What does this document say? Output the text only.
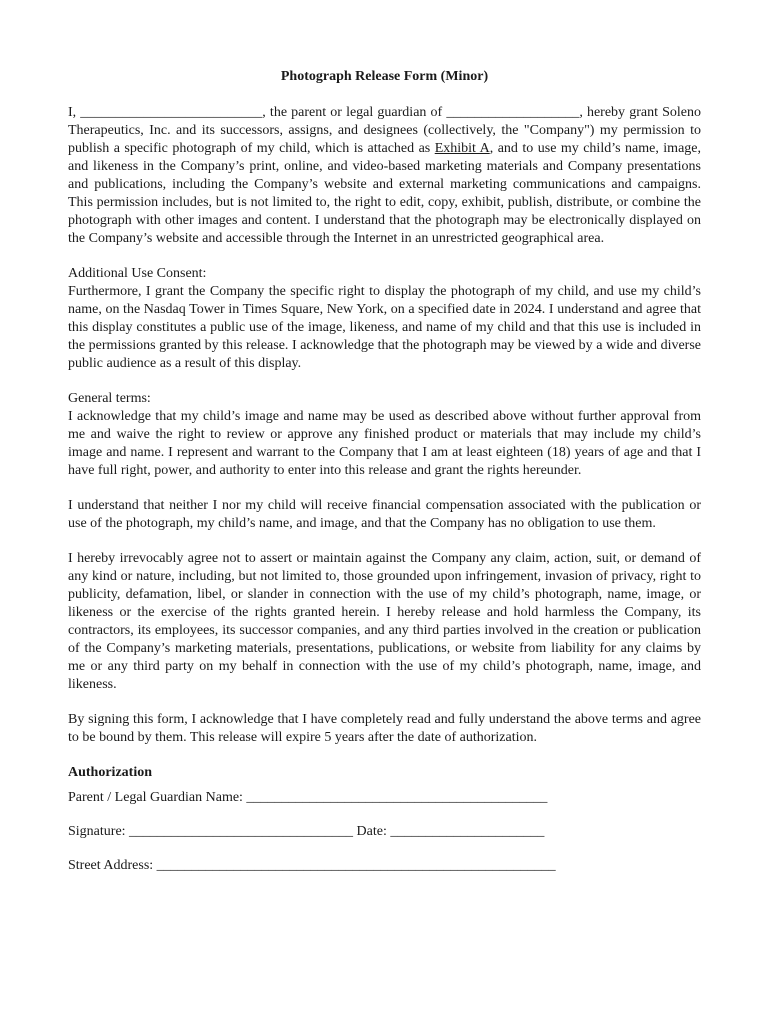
Photograph Release Form (Minor)
I, __________________________, the parent or legal guardian of ___________________, hereby grant Soleno Therapeutics, Inc. and its successors, assigns, and designees (collectively, the "Company") my permission to publish a specific photograph of my child, which is attached as Exhibit A, and to use my child’s name, image, and likeness in the Company’s print, online, and video-based marketing materials and Company presentations and publications, including the Company’s website and external marketing communications and campaigns. This permission includes, but is not limited to, the right to edit, copy, exhibit, publish, distribute, or combine the photograph with other images and content. I understand that the photograph may be electronically displayed on the Company’s website and accessible through the Internet in an unrestricted geographical area.
Additional Use Consent:
Furthermore, I grant the Company the specific right to display the photograph of my child, and use my child’s name, on the Nasdaq Tower in Times Square, New York, on a specified date in 2024. I understand and agree that this display constitutes a public use of the image, likeness, and name of my child and that this use is included in the permissions granted by this release. I acknowledge that the photograph may be viewed by a wide and diverse public audience as a result of this display.
General terms:
I acknowledge that my child’s image and name may be used as described above without further approval from me and waive the right to review or approve any finished product or materials that may include my child’s image and name. I represent and warrant to the Company that I am at least eighteen (18) years of age and that I have full right, power, and authority to enter into this release and grant the rights hereunder.
I understand that neither I nor my child will receive financial compensation associated with the publication or use of the photograph, my child’s name, and image, and that the Company has no obligation to use them.
I hereby irrevocably agree not to assert or maintain against the Company any claim, action, suit, or demand of any kind or nature, including, but not limited to, those grounded upon infringement, invasion of privacy, right to publicity, defamation, libel, or slander in connection with the use of my child’s photograph, name, image, or likeness or the exercise of the rights granted herein. I hereby release and hold harmless the Company, its contractors, its employees, its successor companies, and any third parties involved in the creation or publication of the Company’s marketing materials, presentations, publications, or website from liability for any claims by me or any third party on my behalf in connection with the use of my child’s photograph, name, image, and likeness.
By signing this form, I acknowledge that I have completely read and fully understand the above terms and agree to be bound by them. This release will expire 5 years after the date of authorization.
Authorization
Parent / Legal Guardian Name: ___________________________________________
Signature: ________________________________ Date: ______________________
Street Address: _________________________________________________________
